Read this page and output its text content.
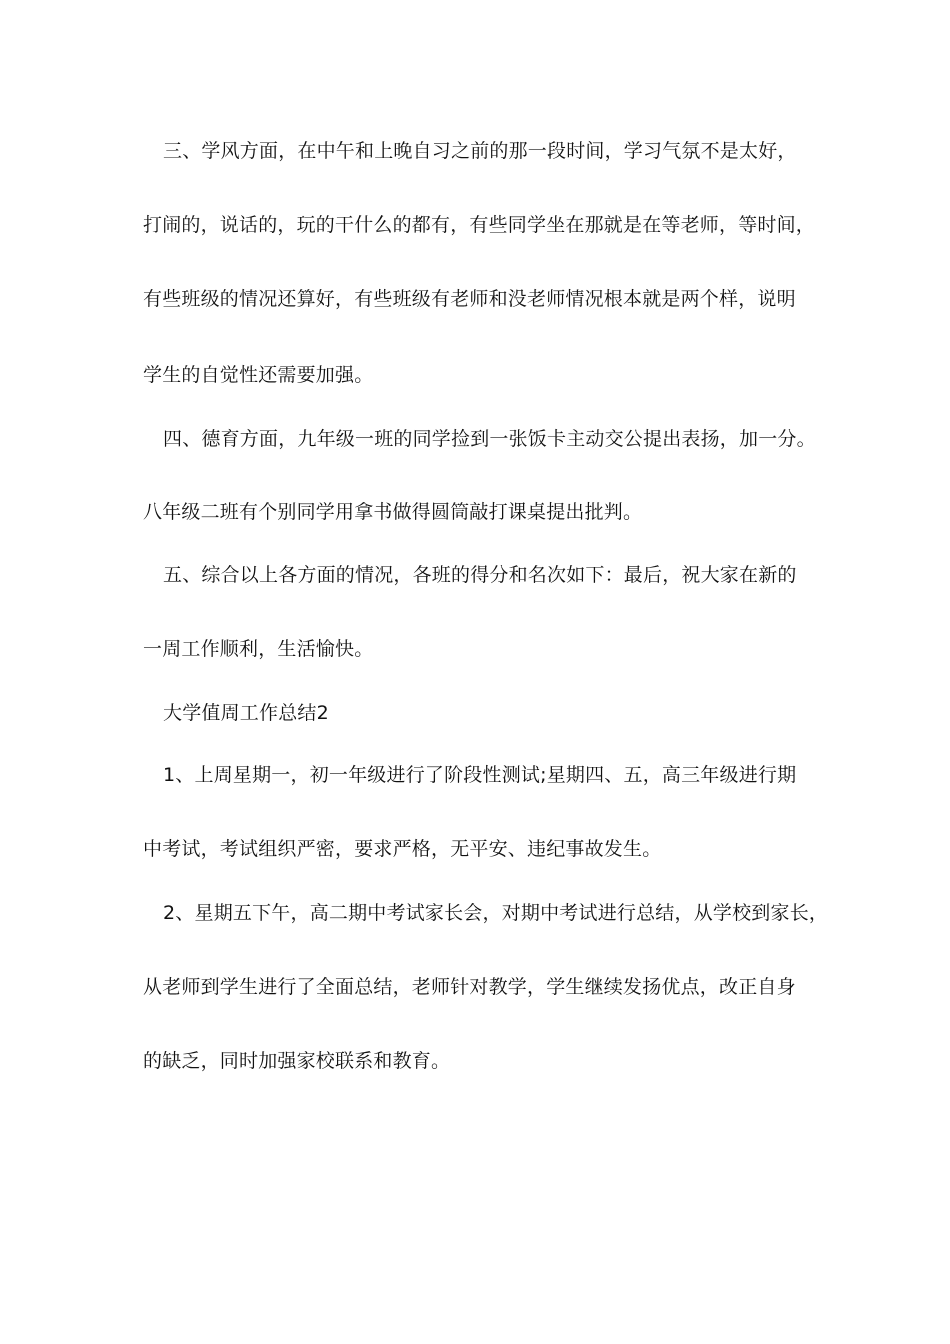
三、学风方面，在中午和上晚自习之前的那一段时间，学习气氛不是太好，
打闹的，说话的，玩的干什么的都有，有些同学坐在那就是在等老师，等时间，
有些班级的情况还算好，有些班级有老师和没老师情况根本就是两个样，说明
学生的自觉性还需要加强。
四、德育方面，九年级一班的同学捡到一张饭卡主动交公提出表扬，加一分。
八年级二班有个别同学用拿书做得圆筒敲打课桌提出批判。
五、综合以上各方面的情况，各班的得分和名次如下：最后，祝大家在新的
一周工作顺利，生活愉快。
大学值周工作总结2
1、上周星期一，初一年级进行了阶段性测试;星期四、五，高三年级进行期
中考试，考试组织严密，要求严格，无平安、违纪事故发生。
2、星期五下午，高二期中考试家长会，对期中考试进行总结，从学校到家长，
从老师到学生进行了全面总结，老师针对教学，学生继续发扬优点，改正自身
的缺乏，同时加强家校联系和教育。
